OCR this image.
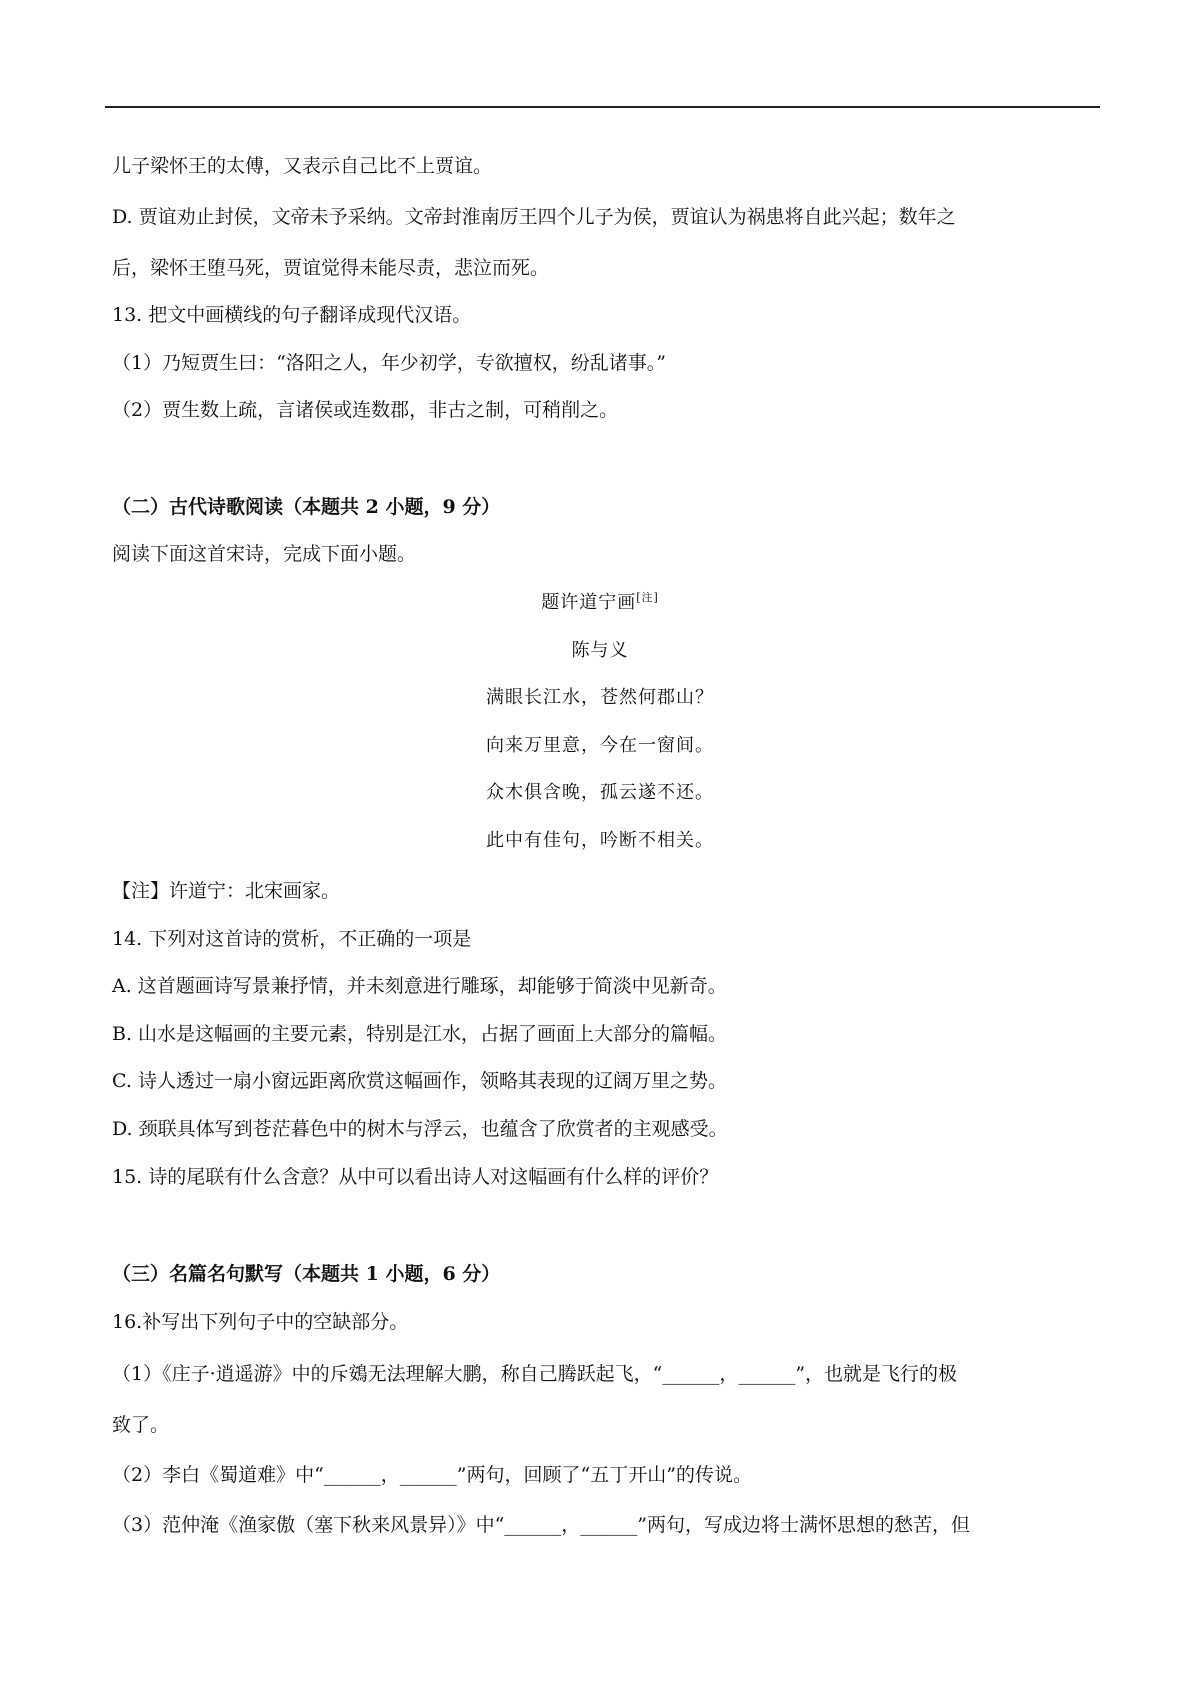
儿子梁怀王的太傅，又表示自己比不上贾谊。
D. 贾谊劝止封侯，文帝未予采纳。文帝封淮南厉王四个儿子为侯，贾谊认为祸患将自此兴起；数年之
后，梁怀王堕马死，贾谊觉得未能尽责，悲泣而死。
13. 把文中画横线的句子翻译成现代汉语。
（1）乃短贾生曰：“洛阳之人，年少初学，专欲擅权，纷乱诸事。”
（2）贾生数上疏，言诸侯或连数郡，非古之制，可稍削之。
（二）古代诗歌阅读（本题共 2 小题，9 分）
阅读下面这首宋诗，完成下面小题。
题许道宁画[注]
陈与义
满眼长江水，苍然何郡山？
向来万里意，今在一窗间。
众木俱含晚，孤云遂不还。
此中有佳句，吟断不相关。
【注】许道宁：北宋画家。
14. 下列对这首诗的赏析，不正确的一项是
A. 这首题画诗写景兼抒情，并未刻意进行雕琢，却能够于简淡中见新奇。
B. 山水是这幅画的主要元素，特别是江水，占据了画面上大部分的篇幅。
C. 诗人透过一扇小窗远距离欣赏这幅画作，领略其表现的辽阔万里之势。
D. 颈联具体写到苍茫暮色中的树木与浮云，也蕴含了欣赏者的主观感受。
15. 诗的尾联有什么含意？从中可以看出诗人对这幅画有什么样的评价？
（三）名篇名句默写（本题共 1 小题，6 分）
16.补写出下列句子中的空缺部分。
（1）《庄子·逍遥游》中的斥鴳无法理解大鹏，称自己腾跃起飞，“______，______”，也就是飞行的极
致了。
（2）李白《蜀道难》中“______，______”两句，回顾了“五丁开山”的传说。
（3）范仲淹《渔家傲（塞下秋来风景异）》中“______，______”两句，写成边将士满怀思想的愁苦，但
